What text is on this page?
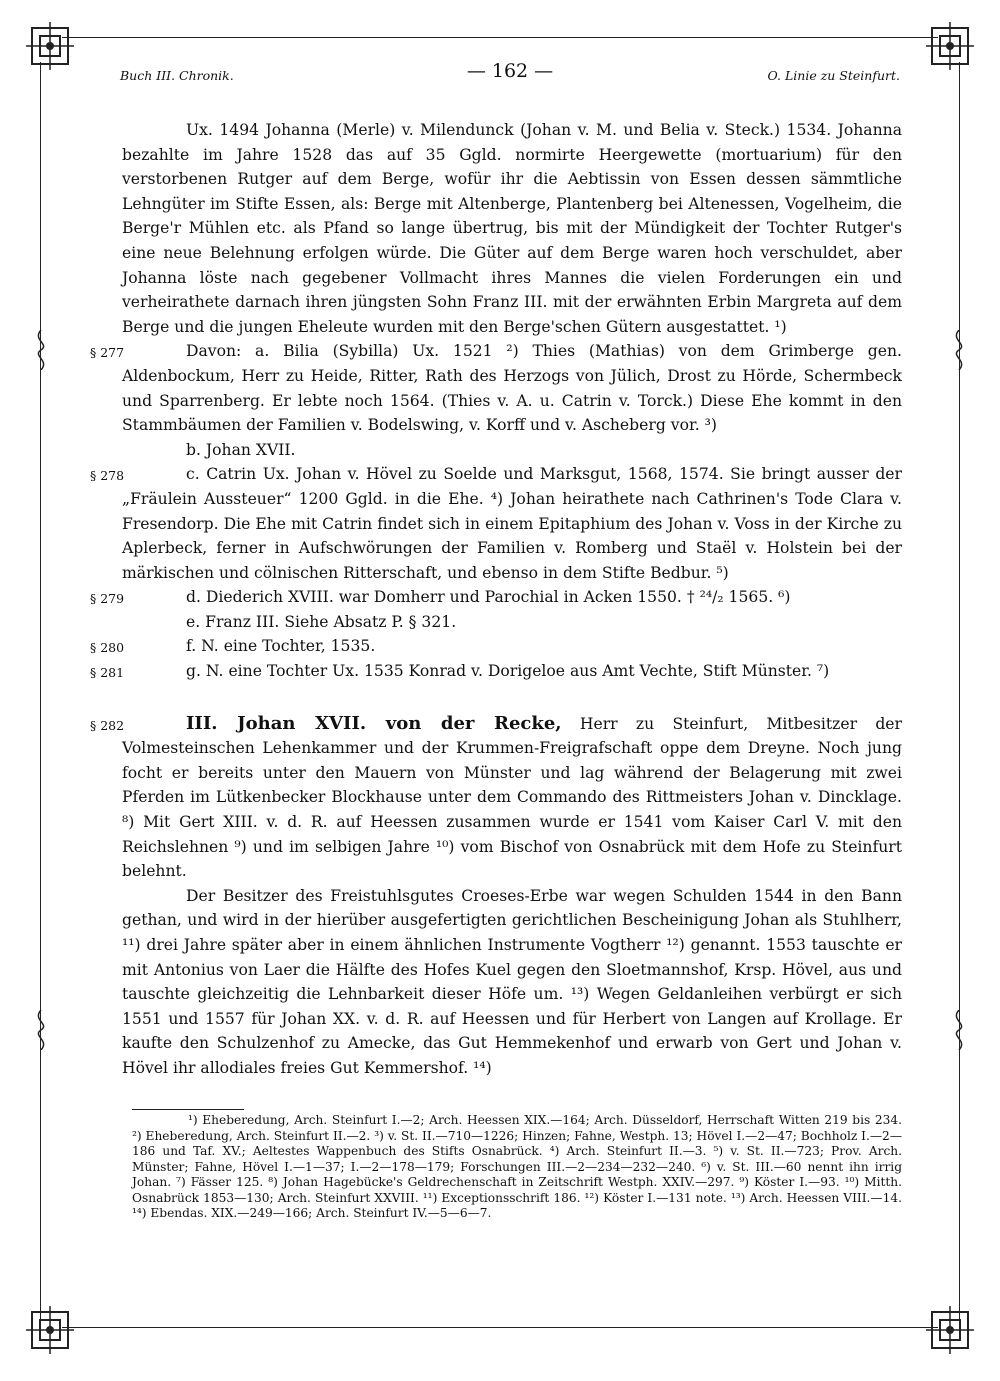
Buch III. Chronik.	— 162 —	O. Linie zu Steinfurt.

Ux. 1494 Johanna (Merle) v. Milendunck (Johan v. M. und Belia v. Steck.) 1534. Johanna bezahlte im Jahre 1528 das auf 35 Ggld. normirte Heergewette (mortuarium) für den verstorbenen Rutger auf dem Berge, wofür ihr die Aebtissin von Essen dessen sämmtliche Lehngüter im Stifte Essen, als: Berge mit Altenberge, Plantenberg bei Altenessen, Vogelheim, die Berge'r Mühlen etc. als Pfand so lange übertrug, bis mit der Mündigkeit der Tochter Rutger's eine neue Belehnung erfolgen würde. Die Güter auf dem Berge waren hoch verschuldet, aber Johanna löste nach gegebener Vollmacht ihres Mannes die vielen Forderungen ein und verheirathete darnach ihren jüngsten Sohn Franz III. mit der erwähnten Erbin Margreta auf dem Berge und die jungen Eheleute wurden mit den Berge'schen Gütern ausgestattet. ¹)

§ 277	Davon: a. Bilia (Sybilla) Ux. 1521 ²) Thies (Mathias) von dem Grimberge gen. Aldenbockum, Herr zu Heide, Ritter, Rath des Herzogs von Jülich, Drost zu Hörde, Schermbeck und Sparrenberg. Er lebte noch 1564. (Thies v. A. u. Catrin v. Torck.) Diese Ehe kommt in den Stammbäumen der Familien v. Bodelswing, v. Korff und v. Ascheberg vor. ³)

b. Johan XVII.

§ 278	c. Catrin Ux. Johan v. Hövel zu Soelde und Marksgut, 1568, 1574. Sie bringt ausser der „Fräulein Aussteuer“ 1200 Ggld. in die Ehe. ⁴) Johan heirathete nach Cathrinen's Tode Clara v. Fresendorp. Die Ehe mit Catrin findet sich in einem Epitaphium des Johan v. Voss in der Kirche zu Aplerbeck, ferner in Aufschwörungen der Familien v. Romberg und Staël v. Holstein bei der märkischen und cölnischen Ritterschaft, und ebenso in dem Stifte Bedbur. ⁵)

§ 279	d. Diederich XVIII. war Domherr und Parochial in Acken 1550. † ²⁴/₂ 1565. ⁶)

e. Franz III. Siehe Absatz P. § 321.

§ 280	f. N. eine Tochter, 1535.

§ 281	g. N. eine Tochter Ux. 1535 Konrad v. Dorigeloe aus Amt Vechte, Stift Münster. ⁷)

§ 282	III. Johan XVII. von der Recke, Herr zu Steinfurt, Mitbesitzer der Volmesteinschen Lehenkammer und der Krummen-Freigrafschaft oppe dem Dreyne. Noch jung focht er bereits unter den Mauern von Münster und lag während der Belagerung mit zwei Pferden im Lütkenbecker Blockhause unter dem Commando des Rittmeisters Johan v. Dincklage. ⁸) Mit Gert XIII. v. d. R. auf Heessen zusammen wurde er 1541 vom Kaiser Carl V. mit den Reichslehnen ⁹) und im selbigen Jahre ¹⁰) vom Bischof von Osnabrück mit dem Hofe zu Steinfurt belehnt.

Der Besitzer des Freistuhlsgutes Croeses-Erbe war wegen Schulden 1544 in den Bann gethan, und wird in der hierüber ausgefertigten gerichtlichen Bescheinigung Johan als Stuhlherr, ¹¹) drei Jahre später aber in einem ähnlichen Instrumente Vogtherr ¹²) genannt. 1553 tauschte er mit Antonius von Laer die Hälfte des Hofes Kuel gegen den Sloetmannshof, Krsp. Hövel, aus und tauschte gleichzeitig die Lehnbarkeit dieser Höfe um. ¹³) Wegen Geldanleihen verbürgt er sich 1551 und 1557 für Johan XX. v. d. R. auf Heessen und für Herbert von Langen auf Krollage. Er kaufte den Schulzenhof zu Amecke, das Gut Hemmekenhof und erwarb von Gert und Johan v. Hövel ihr allodiales freies Gut Kemmershof. ¹⁴)

¹) Eheberedung, Arch. Steinfurt I.—2; Arch. Heessen XIX.—164; Arch. Düsseldorf, Herrschaft Witten 219 bis 234. ²) Eheberedung, Arch. Steinfurt II.—2. ³) v. St. II.—710—1226; Hinzen; Fahne, Westph. 13; Hövel I.—2—47; Bochholz I.—2—186 und Taf. XV.; Aeltestes Wappenbuch des Stifts Osnabrück. ⁴) Arch. Steinfurt II.—3. ⁵) v. St. II.—723; Prov. Arch. Münster; Fahne, Hövel I.—1—37; I.—2—178—179; Forschungen III.—2—234—232—240. ⁶) v. St. III.—60 nennt ihn irrig Johan. ⁷) Fässer 125. ⁸) Johan Hagebücke's Geldrechenschaft in Zeitschrift Westph. XXIV.—297. ⁹) Köster I.—93. ¹⁰) Mitth. Osnabrück 1853—130; Arch. Steinfurt XXVIII. ¹¹) Exceptionsschrift 186. ¹²) Köster I.—131 note. ¹³) Arch. Heessen VIII.—14. ¹⁴) Ebendas. XIX.—249—166; Arch. Steinfurt IV.—5—6—7.
